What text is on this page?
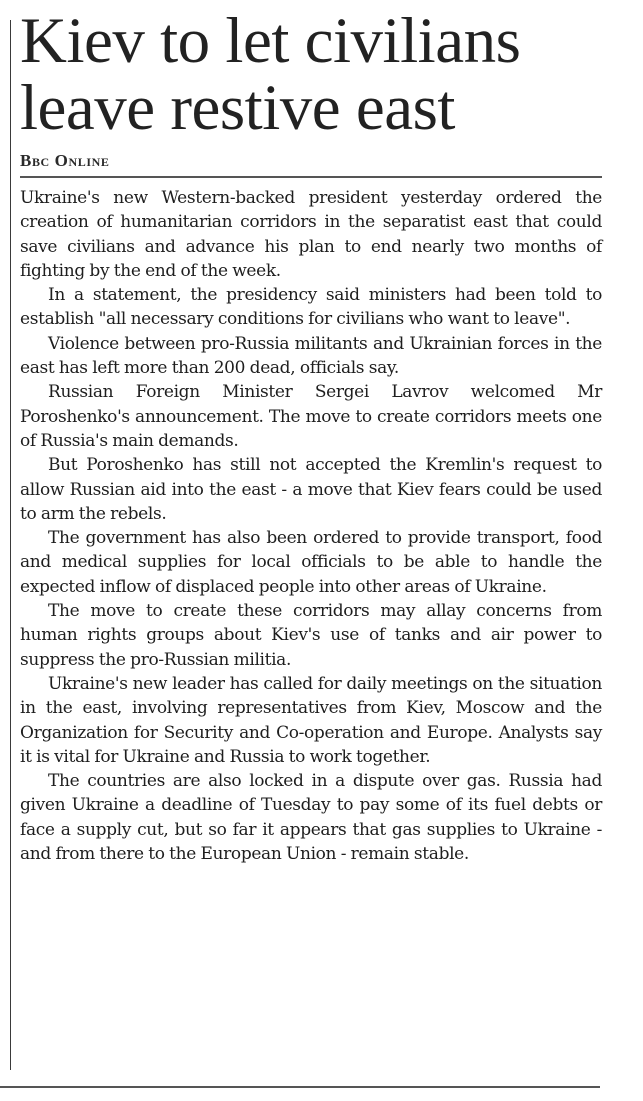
Kiev to let civilians leave restive east
Bbc Online

Ukraine's new Western-backed president yesterday ordered the creation of humanitarian corridors in the separatist east that could save civilians and advance his plan to end nearly two months of fighting by the end of the week.

In a statement, the presidency said ministers had been told to establish "all necessary conditions for civilians who want to leave".

Violence between pro-Russia militants and Ukrainian forces in the east has left more than 200 dead, officials say.

Russian Foreign Minister Sergei Lavrov welcomed Mr Poroshenko's announcement. The move to create corridors meets one of Russia's main demands.

But Poroshenko has still not accepted the Kremlin's request to allow Russian aid into the east - a move that Kiev fears could be used to arm the rebels.

The government has also been ordered to provide transport, food and medical supplies for local officials to be able to handle the expected inflow of displaced people into other areas of Ukraine.

The move to create these corridors may allay concerns from human rights groups about Kiev's use of tanks and air power to suppress the pro-Russian militia.

Ukraine's new leader has called for daily meetings on the situation in the east, involving representatives from Kiev, Moscow and the Organization for Security and Co-operation and Europe. Analysts say it is vital for Ukraine and Russia to work together.

The countries are also locked in a dispute over gas. Russia had given Ukraine a deadline of Tuesday to pay some of its fuel debts or face a supply cut, but so far it appears that gas supplies to Ukraine - and from there to the European Union - remain stable.
